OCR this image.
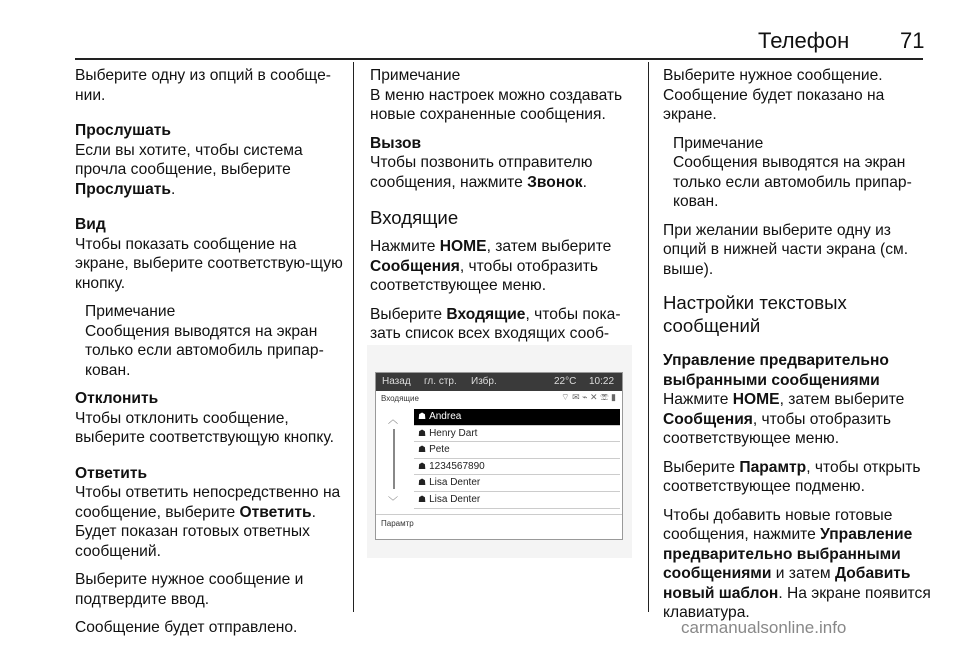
Телефон 71

Выберите одну из опций в сообще-нии.

Прослушать
Если вы хотите, чтобы система прочла сообщение, выберите Прослушать.

Вид
Чтобы показать сообщение на экране, выберите соответствую-щую кнопку.

Примечание
Сообщения выводятся на экран только если автомобиль припар-кован.

Отклонить
Чтобы отклонить сообщение, выберите соответствующую кнопку.

Ответить
Чтобы ответить непосредственно на сообщение, выберите Ответить. Будет показан готовых ответных сообщений.

Выберите нужное сообщение и подтвердите ввод.

Сообщение будет отправлено.

Примечание
В меню настроек можно создавать новые сохраненные сообщения.

Вызов
Чтобы позвонить отправителю сообщения, нажмите Звонок.

Входящие

Нажмите HOME, затем выберите Сообщения, чтобы отобразить соответствующее меню.

Выберите Входящие, чтобы пока-зать список всех входящих сооб-

Назад гл. стр. Избр.	22°C 10:22
Входящие	⌔ ✉ ⌁ ✕ ☏ ▮
︿
﹀
☗ Andrea
☗ Henry Dart
☗ Pete
☗ 1234567890
☗ Lisa Denter
☗ Lisa Denter
Парамтр

Выберите нужное сообщение. Сообщение будет показано на экране.

Примечание
Сообщения выводятся на экран только если автомобиль припар-кован.

При желании выберите одну из опций в нижней части экрана (см. выше).

Настройки текстовых сообщений

Управление предварительно выбранными сообщениями

Нажмите HOME, затем выберите Сообщения, чтобы отобразить соответствующее меню.

Выберите Парамтр, чтобы открыть соответствующее подменю.

Чтобы добавить новые готовые сообщения, нажмите Управление предварительно выбранными сообщениями и затем Добавить новый шаблон. На экране появится клавиатура.

carmanualsonline.info
